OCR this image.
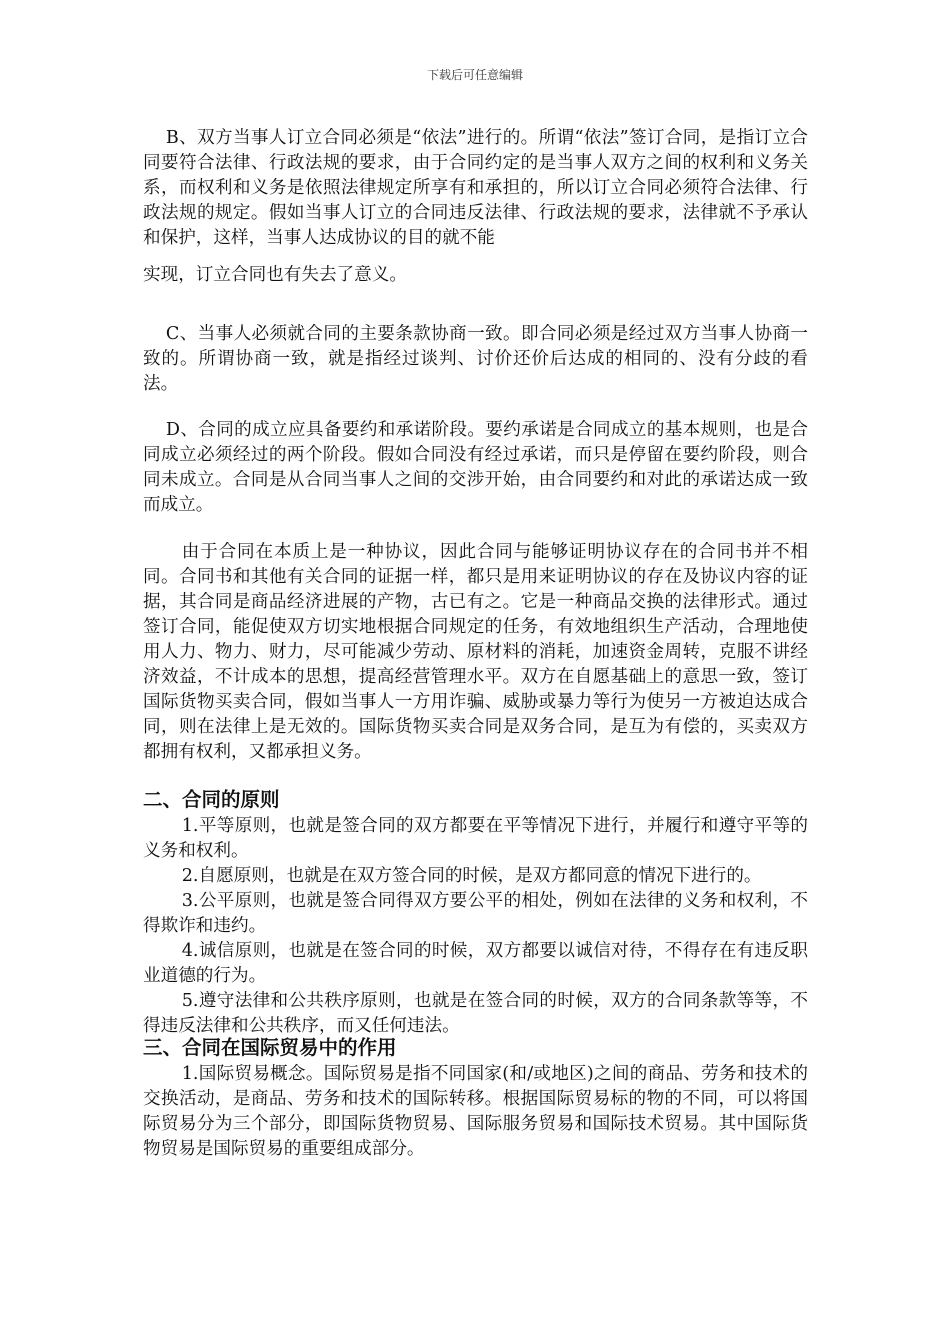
下载后可任意编辑

B、双方当事人订立合同必须是“依法”进行的。所谓“依法”签订合同，是指订立合同要符合法律、行政法规的要求，由于合同约定的是当事人双方之间的权利和义务关系，而权利和义务是依照法律规定所享有和承担的，所以订立合同必须符合法律、行政法规的规定。假如当事人订立的合同违反法律、行政法规的要求，法律就不予承认和保护，这样，当事人达成协议的目的就不能

实现，订立合同也有失去了意义。

C、当事人必须就合同的主要条款协商一致。即合同必须是经过双方当事人协商一致的。所谓协商一致，就是指经过谈判、讨价还价后达成的相同的、没有分歧的看法。

D、合同的成立应具备要约和承诺阶段。要约承诺是合同成立的基本规则，也是合同成立必须经过的两个阶段。假如合同没有经过承诺，而只是停留在要约阶段，则合同未成立。合同是从合同当事人之间的交涉开始，由合同要约和对此的承诺达成一致而成立。

由于合同在本质上是一种协议，因此合同与能够证明协议存在的合同书并不相同。合同书和其他有关合同的证据一样，都只是用来证明协议的存在及协议内容的证据，其合同是商品经济进展的产物，古已有之。它是一种商品交换的法律形式。通过签订合同，能促使双方切实地根据合同规定的任务，有效地组织生产活动，合理地使用人力、物力、财力，尽可能减少劳动、原材料的消耗，加速资金周转，克服不讲经济效益，不计成本的思想，提高经营管理水平。双方在自愿基础上的意思一致，签订国际货物买卖合同，假如当事人一方用诈骗、威胁或暴力等行为使另一方被迫达成合同，则在法律上是无效的。国际货物买卖合同是双务合同，是互为有偿的，买卖双方都拥有权利，又都承担义务。

二、合同的原则

1.平等原则，也就是签合同的双方都要在平等情况下进行，并履行和遵守平等的义务和权利。

2.自愿原则，也就是在双方签合同的时候，是双方都同意的情况下进行的。

3.公平原则，也就是签合同得双方要公平的相处，例如在法律的义务和权利，不得欺诈和违约。

4.诚信原则，也就是在签合同的时候，双方都要以诚信对待，不得存在有违反职业道德的行为。

5.遵守法律和公共秩序原则，也就是在签合同的时候，双方的合同条款等等，不得违反法律和公共秩序，而又任何违法。

三、合同在国际贸易中的作用

1.国际贸易概念。国际贸易是指不同国家(和/或地区)之间的商品、劳务和技术的交换活动，是商品、劳务和技术的国际转移。根据国际贸易标的物的不同，可以将国际贸易分为三个部分，即国际货物贸易、国际服务贸易和国际技术贸易。其中国际货物贸易是国际贸易的重要组成部分。
